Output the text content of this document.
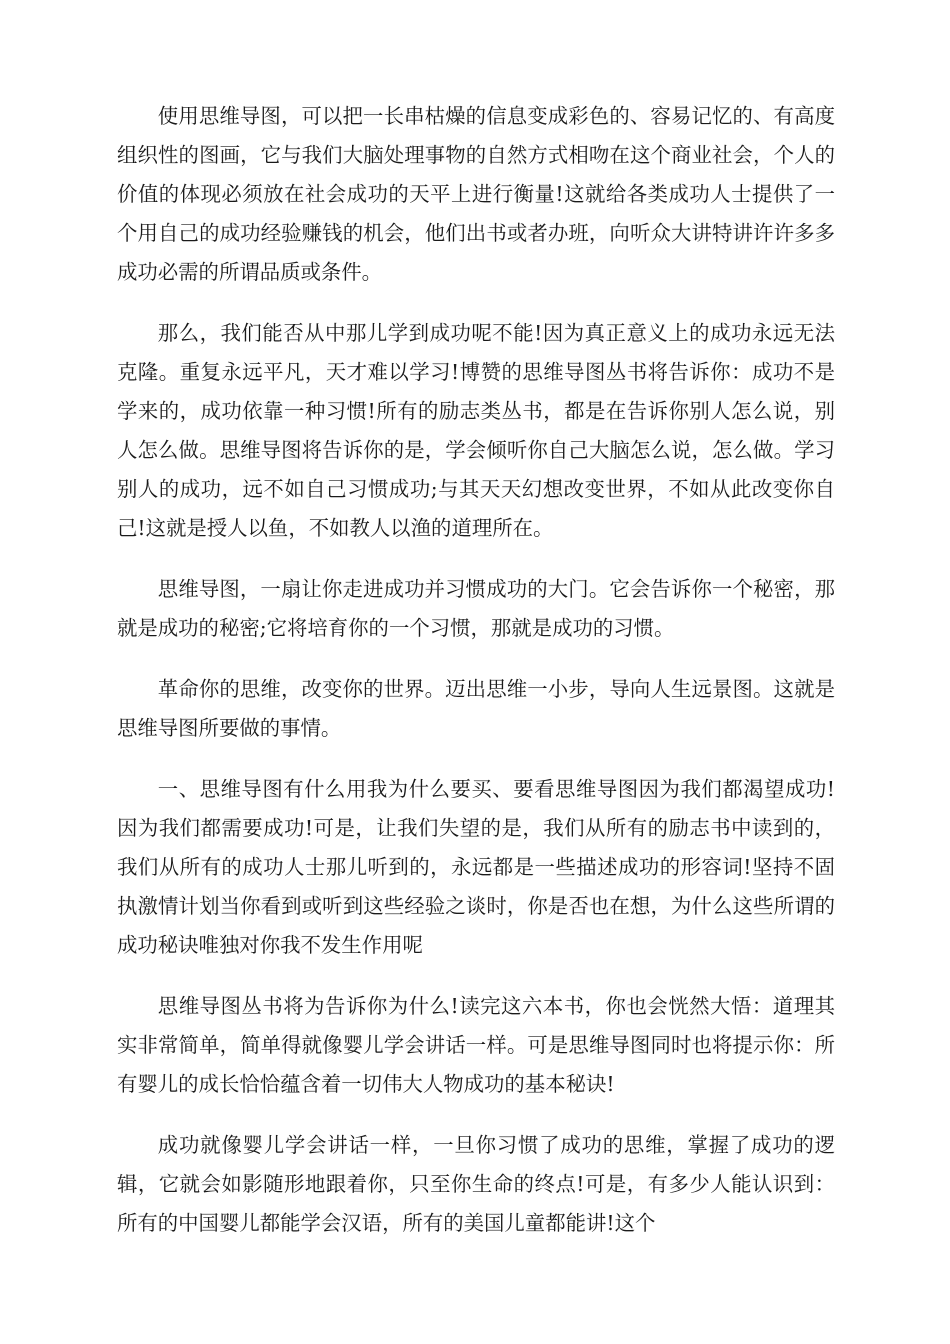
使用思维导图，可以把一长串枯燥的信息变成彩色的、容易记忆的、有高度组织性的图画，它与我们大脑处理事物的自然方式相吻在这个商业社会，个人的价值的体现必须放在社会成功的天平上进行衡量!这就给各类成功人士提供了一个用自己的成功经验赚钱的机会，他们出书或者办班，向听众大讲特讲许许多多成功必需的所谓品质或条件。

那么，我们能否从中那儿学到成功呢不能!因为真正意义上的成功永远无法克隆。重复永远平凡，天才难以学习!博赞的思维导图丛书将告诉你：成功不是学来的，成功依靠一种习惯!所有的励志类丛书，都是在告诉你别人怎么说，别人怎么做。思维导图将告诉你的是，学会倾听你自己大脑怎么说，怎么做。学习别人的成功，远不如自己习惯成功;与其天天幻想改变世界，不如从此改变你自己!这就是授人以鱼，不如教人以渔的道理所在。

思维导图，一扇让你走进成功并习惯成功的大门。它会告诉你一个秘密，那就是成功的秘密;它将培育你的一个习惯，那就是成功的习惯。

革命你的思维，改变你的世界。迈出思维一小步，导向人生远景图。这就是思维导图所要做的事情。

一、思维导图有什么用我为什么要买、要看思维导图因为我们都渴望成功!因为我们都需要成功!可是，让我们失望的是，我们从所有的励志书中读到的，我们从所有的成功人士那儿听到的，永远都是一些描述成功的形容词!坚持不固执激情计划当你看到或听到这些经验之谈时，你是否也在想，为什么这些所谓的成功秘诀唯独对你我不发生作用呢

思维导图丛书将为告诉你为什么!读完这六本书，你也会恍然大悟：道理其实非常简单，简单得就像婴儿学会讲话一样。可是思维导图同时也将提示你：所有婴儿的成长恰恰蕴含着一切伟大人物成功的基本秘诀!

成功就像婴儿学会讲话一样，一旦你习惯了成功的思维，掌握了成功的逻辑，它就会如影随形地跟着你，只至你生命的终点!可是，有多少人能认识到：所有的中国婴儿都能学会汉语，所有的美国儿童都能讲!这个
